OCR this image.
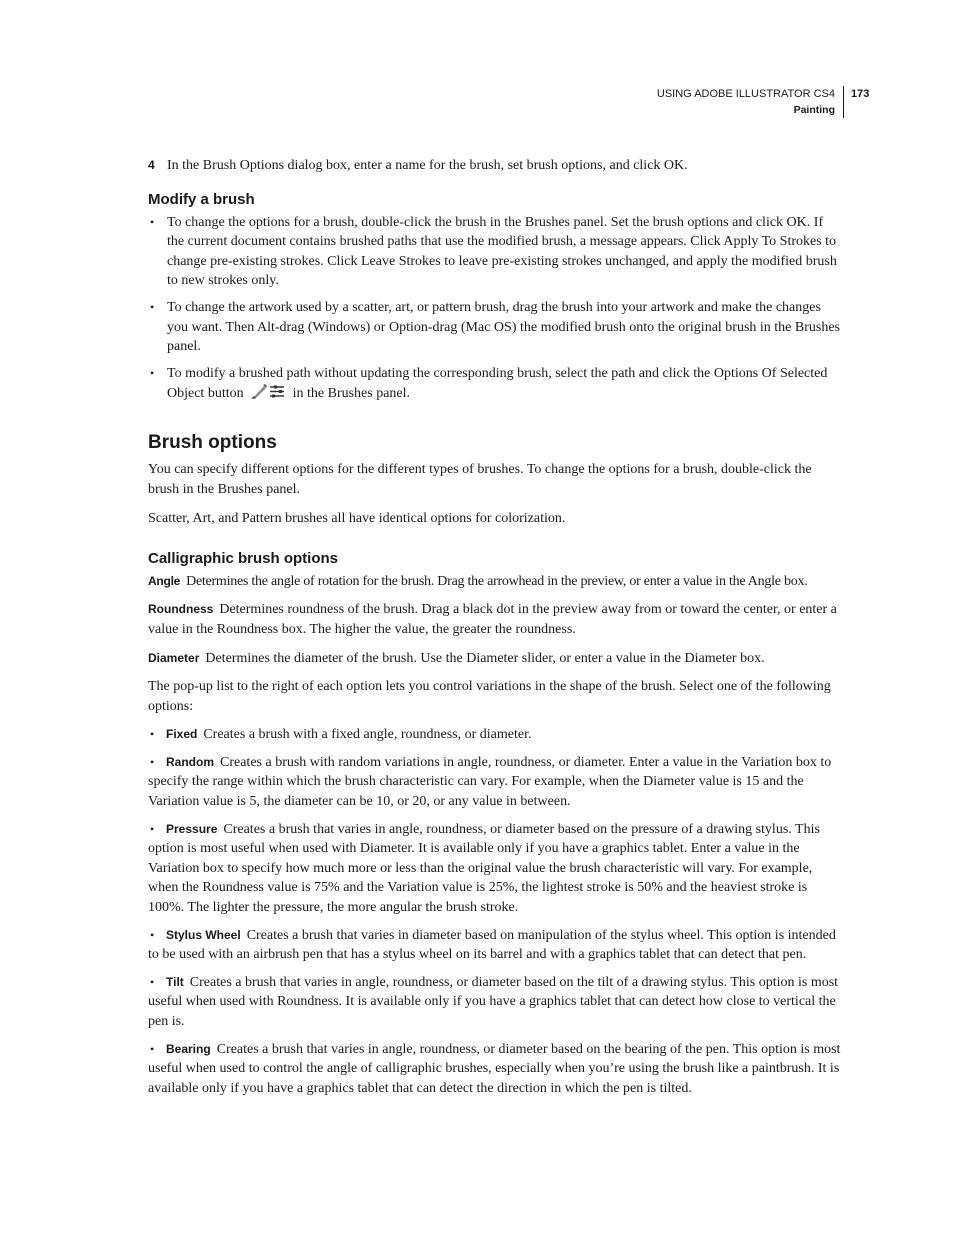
USING ADOBE ILLUSTRATOR CS4
Painting
173
4 In the Brush Options dialog box, enter a name for the brush, set brush options, and click OK.
Modify a brush
• To change the options for a brush, double-click the brush in the Brushes panel. Set the brush options and click OK. If the current document contains brushed paths that use the modified brush, a message appears. Click Apply To Strokes to change pre-existing strokes. Click Leave Strokes to leave pre-existing strokes unchanged, and apply the modified brush to new strokes only.
• To change the artwork used by a scatter, art, or pattern brush, drag the brush into your artwork and make the changes you want. Then Alt-drag (Windows) or Option-drag (Mac OS) the modified brush onto the original brush in the Brushes panel.
• To modify a brushed path without updating the corresponding brush, select the path and click the Options Of Selected Object button	in the Brushes panel.
Brush options

You can specify different options for the different types of brushes. To change the options for a brush, double-click the brush in the Brushes panel.

Scatter, Art, and Pattern brushes all have identical options for colorization.

Calligraphic brush options

Angle Determines the angle of rotation for the brush. Drag the arrowhead in the preview, or enter a value in the Angle box.

Roundness Determines roundness of the brush. Drag a black dot in the preview away from or toward the center, or enter a value in the Roundness box. The higher the value, the greater the roundness.

Diameter Determines the diameter of the brush. Use the Diameter slider, or enter a value in the Diameter box.

The pop-up list to the right of each option lets you control variations in the shape of the brush. Select one of the following options:

• Fixed Creates a brush with a fixed angle, roundness, or diameter.
• Random Creates a brush with random variations in angle, roundness, or diameter. Enter a value in the Variation box to specify the range within which the brush characteristic can vary. For example, when the Diameter value is 15 and the Variation value is 5, the diameter can be 10, or 20, or any value in between.
• Pressure Creates a brush that varies in angle, roundness, or diameter based on the pressure of a drawing stylus. This option is most useful when used with Diameter. It is available only if you have a graphics tablet. Enter a value in the Variation box to specify how much more or less than the original value the brush characteristic will vary. For example, when the Roundness value is 75% and the Variation value is 25%, the lightest stroke is 50% and the heaviest stroke is 100%. The lighter the pressure, the more angular the brush stroke.
• Stylus Wheel Creates a brush that varies in diameter based on manipulation of the stylus wheel. This option is intended to be used with an airbrush pen that has a stylus wheel on its barrel and with a graphics tablet that can detect that pen.
• Tilt Creates a brush that varies in angle, roundness, or diameter based on the tilt of a drawing stylus. This option is most useful when used with Roundness. It is available only if you have a graphics tablet that can detect how close to vertical the pen is.
• Bearing Creates a brush that varies in angle, roundness, or diameter based on the bearing of the pen. This option is most useful when used to control the angle of calligraphic brushes, especially when you’re using the brush like a paintbrush. It is available only if you have a graphics tablet that can detect the direction in which the pen is tilted.
